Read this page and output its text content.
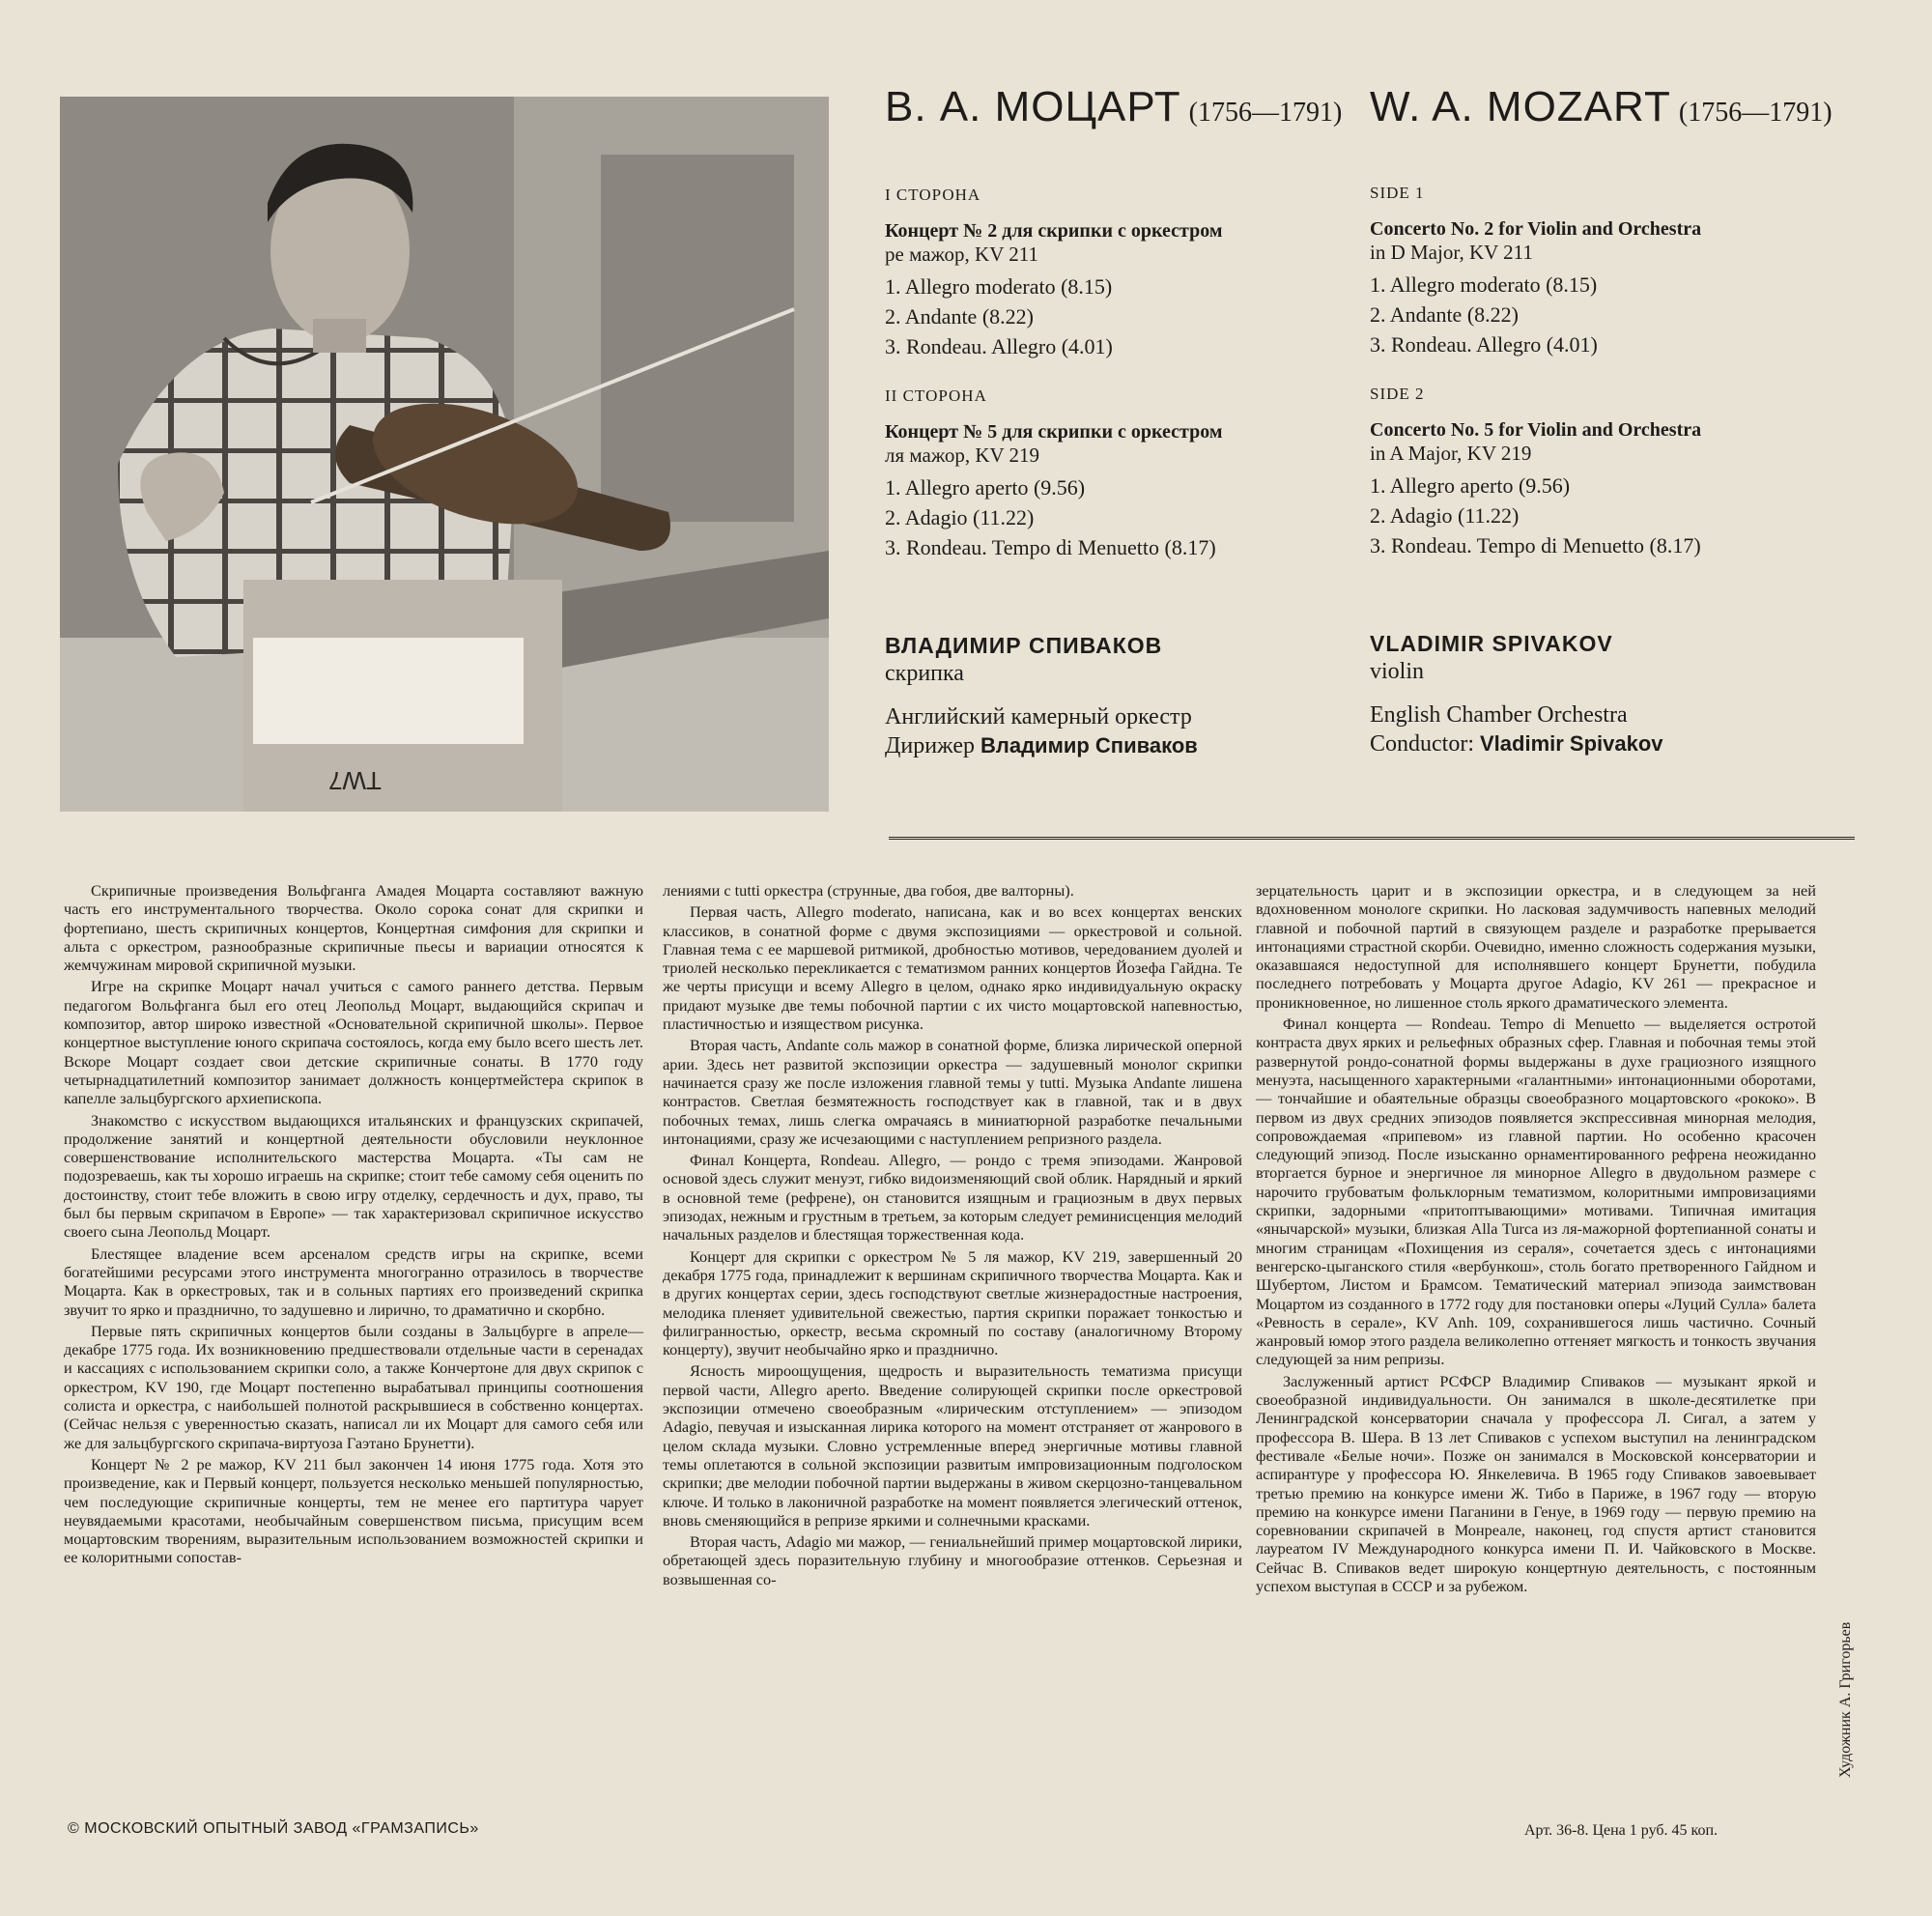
TW7
В. А. МОЦАРТ (1756—1791) W. A. MOZART (1756—1791)
I СТОРОНА
Концерт № 2 для скрипки с оркестром
ре мажор, KV 211
1. Allegro moderato (8.15)
2. Andante (8.22)
3. Rondeau. Allegro (4.01)
II СТОРОНА
Концерт № 5 для скрипки с оркестром
ля мажор, KV 219
1. Allegro aperto (9.56)
2. Adagio (11.22)
3. Rondeau. Tempo di Menuetto (8.17)
ВЛАДИМИР СПИВАКОВ
скрипка
Английский камерный оркестр
Дирижер Владимир Спиваков
SIDE 1
Concerto No. 2 for Violin and Orchestra
in D Major, KV 211
1. Allegro moderato (8.15)
2. Andante (8.22)
3. Rondeau. Allegro (4.01)
SIDE 2
Concerto No. 5 for Violin and Orchestra
in A Major, KV 219
1. Allegro aperto (9.56)
2. Adagio (11.22)
3. Rondeau. Tempo di Menuetto (8.17)
VLADIMIR SPIVAKOV
violin
English Chamber Orchestra
Conductor: Vladimir Spivakov

Скрипичные произведения Вольфганга Амадея Моцарта составляют важную часть его инструментального творчества. Около сорока сонат для скрипки и фортепиано, шесть скрипичных концертов, Концертная симфония для скрипки и альта с оркестром, разнообразные скрипичные пьесы и вариации относятся к жемчужинам мировой скрипичной музыки.

Игре на скрипке Моцарт начал учиться с самого раннего детства. Первым педагогом Вольфганга был его отец Леопольд Моцарт, выдающийся скрипач и композитор, автор широко известной «Основательной скрипичной школы». Первое концертное выступление юного скрипача состоялось, когда ему было всего шесть лет. Вскоре Моцарт создает свои детские скрипичные сонаты. В 1770 году четырнадцатилетний композитор занимает должность концертмейстера скрипок в капелле зальцбургского архиепископа.

Знакомство с искусством выдающихся итальянских и французских скрипачей, продолжение занятий и концертной деятельности обусловили неуклонное совершенствование исполнительского мастерства Моцарта. «Ты сам не подозреваешь, как ты хорошо играешь на скрипке; стоит тебе самому себя оценить по достоинству, стоит тебе вложить в свою игру отделку, сердечность и дух, право, ты был бы первым скрипачом в Европе» — так характеризовал скрипичное искусство своего сына Леопольд Моцарт.

Блестящее владение всем арсеналом средств игры на скрипке, всеми богатейшими ресурсами этого инструмента многогранно отразилось в творчестве Моцарта. Как в оркестровых, так и в сольных партиях его произведений скрипка звучит то ярко и празднично, то задушевно и лирично, то драматично и скорбно.

Первые пять скрипичных концертов были созданы в Зальцбурге в апреле—декабре 1775 года. Их возникновению предшествовали отдельные части в серенадах и кассациях с использованием скрипки соло, а также Кончертоне для двух скрипок с оркестром, KV 190, где Моцарт постепенно вырабатывал принципы соотношения солиста и оркестра, с наибольшей полнотой раскрывшиеся в собственно концертах. (Сейчас нельзя с уверенностью сказать, написал ли их Моцарт для самого себя или же для зальцбургского скрипача-виртуоза Гаэтано Брунетти).

Концерт № 2 ре мажор, KV 211 был закончен 14 июня 1775 года. Хотя это произведение, как и Первый концерт, пользуется несколько меньшей популярностью, чем последующие скрипичные концерты, тем не менее его партитура чарует неувядаемыми красотами, необычайным совершенством письма, присущим всем моцартовским творениям, выразительным использованием возможностей скрипки и ее колоритными сопостав-

лениями с tutti оркестра (струнные, два гобоя, две валторны).

Первая часть, Allegro moderato, написана, как и во всех концертах венских классиков, в сонатной форме с двумя экспозициями — оркестровой и сольной. Главная тема с ее маршевой ритмикой, дробностью мотивов, чередованием дуолей и триолей несколько перекликается с тематизмом ранних концертов Йозефа Гайдна. Те же черты присущи и всему Allegro в целом, однако ярко индивидуальную окраску придают музыке две темы побочной партии с их чисто моцартовской напевностью, пластичностью и изяществом рисунка.

Вторая часть, Andante соль мажор в сонатной форме, близка лирической оперной арии. Здесь нет развитой экспозиции оркестра — задушевный монолог скрипки начинается сразу же после изложения главной темы у tutti. Музыка Andante лишена контрастов. Светлая безмятежность господствует как в главной, так и в двух побочных темах, лишь слегка омрачаясь в миниатюрной разработке печальными интонациями, сразу же исчезающими с наступлением репризного раздела.

Финал Концерта, Rondeau. Allegro, — рондо с тремя эпизодами. Жанровой основой здесь служит менуэт, гибко видоизменяющий свой облик. Нарядный и яркий в основной теме (рефрене), он становится изящным и грациозным в двух первых эпизодах, нежным и грустным в третьем, за которым следует реминисценция мелодий начальных разделов и блестящая торжественная кода.

Концерт для скрипки с оркестром № 5 ля мажор, KV 219, завершенный 20 декабря 1775 года, принадлежит к вершинам скрипичного творчества Моцарта. Как и в других концертах серии, здесь господствуют светлые жизнерадостные настроения, мелодика пленяет удивительной свежестью, партия скрипки поражает тонкостью и филигранностью, оркестр, весьма скромный по составу (аналогичному Второму концерту), звучит необычайно ярко и празднично.

Ясность мироощущения, щедрость и выразительность тематизма присущи первой части, Allegro aperto. Введение солирующей скрипки после оркестровой экспозиции отмечено своеобразным «лирическим отступлением» — эпизодом Adagio, певучая и изысканная лирика которого на момент отстраняет от жанрового в целом склада музыки. Словно устремленные вперед энергичные мотивы главной темы оплетаются в сольной экспозиции развитым импровизационным подголоском скрипки; две мелодии побочной партии выдержаны в живом скерцозно-танцевальном ключе. И только в лаконичной разработке на момент появляется элегический оттенок, вновь сменяющийся в репризе яркими и солнечными красками.

Вторая часть, Adagio ми мажор, — гениальнейший пример моцартовской лирики, обретающей здесь поразительную глубину и многообразие оттенков. Серьезная и возвышенная со-

зерцательность царит и в экспозиции оркестра, и в следующем за ней вдохновенном монологе скрипки. Но ласковая задумчивость напевных мелодий главной и побочной партий в связующем разделе и разработке прерывается интонациями страстной скорби. Очевидно, именно сложность содержания музыки, оказавшаяся недоступной для исполнявшего концерт Брунетти, побудила последнего потребовать у Моцарта другое Adagio, KV 261 — прекрасное и проникновенное, но лишенное столь яркого драматического элемента.

Финал концерта — Rondeau. Tempo di Menuetto — выделяется остротой контраста двух ярких и рельефных образных сфер. Главная и побочная темы этой развернутой рондо-сонатной формы выдержаны в духе грациозного изящного менуэта, насыщенного характерными «галантными» интонационными оборотами, — тончайшие и обаятельные образцы своеобразного моцартовского «рококо». В первом из двух средних эпизодов появляется экспрессивная минорная мелодия, сопровождаемая «припевом» из главной партии. Но особенно красочен следующий эпизод. После изысканно орнаментированного рефрена неожиданно вторгается бурное и энергичное ля минорное Allegro в двудольном размере с нарочито грубоватым фольклорным тематизмом, колоритными импровизациями скрипки, задорными «притоптывающими» мотивами. Типичная имитация «янычарской» музыки, близкая Alla Turca из ля-мажорной фортепианной сонаты и многим страницам «Похищения из сераля», сочетается здесь с интонациями венгерско-цыганского стиля «вербункош», столь богато претворенного Гайдном и Шубертом, Листом и Брамсом. Тематический материал эпизода заимствован Моцартом из созданного в 1772 году для постановки оперы «Луций Сулла» балета «Ревность в серале», KV Anh. 109, сохранившегося лишь частично. Сочный жанровый юмор этого раздела великолепно оттеняет мягкость и тонкость звучания следующей за ним репризы.

Заслуженный артист РСФСР Владимир Спиваков — музыкант яркой и своеобразной индивидуальности. Он занимался в школе-десятилетке при Ленинградской консерватории сначала у профессора Л. Сигал, а затем у профессора В. Шера. В 13 лет Спиваков с успехом выступил на ленинградском фестивале «Белые ночи». Позже он занимался в Московской консерватории и аспирантуре у профессора Ю. Янкелевича. В 1965 году Спиваков завоевывает третью премию на конкурсе имени Ж. Тибо в Париже, в 1967 году — вторую премию на конкурсе имени Паганини в Генуе, в 1969 году — первую премию на соревновании скрипачей в Монреале, наконец, год спустя артист становится лауреатом IV Международного конкурса имени П. И. Чайковского в Москве. Сейчас В. Спиваков ведет широкую концертную деятельность, с постоянным успехом выступая в СССР и за рубежом.

Художник А. Григорьев
© МОСКОВСКИЙ ОПЫТНЫЙ ЗАВОД «ГРАМЗАПИСЬ»	Арт. 36-8. Цена 1 руб. 45 коп.
